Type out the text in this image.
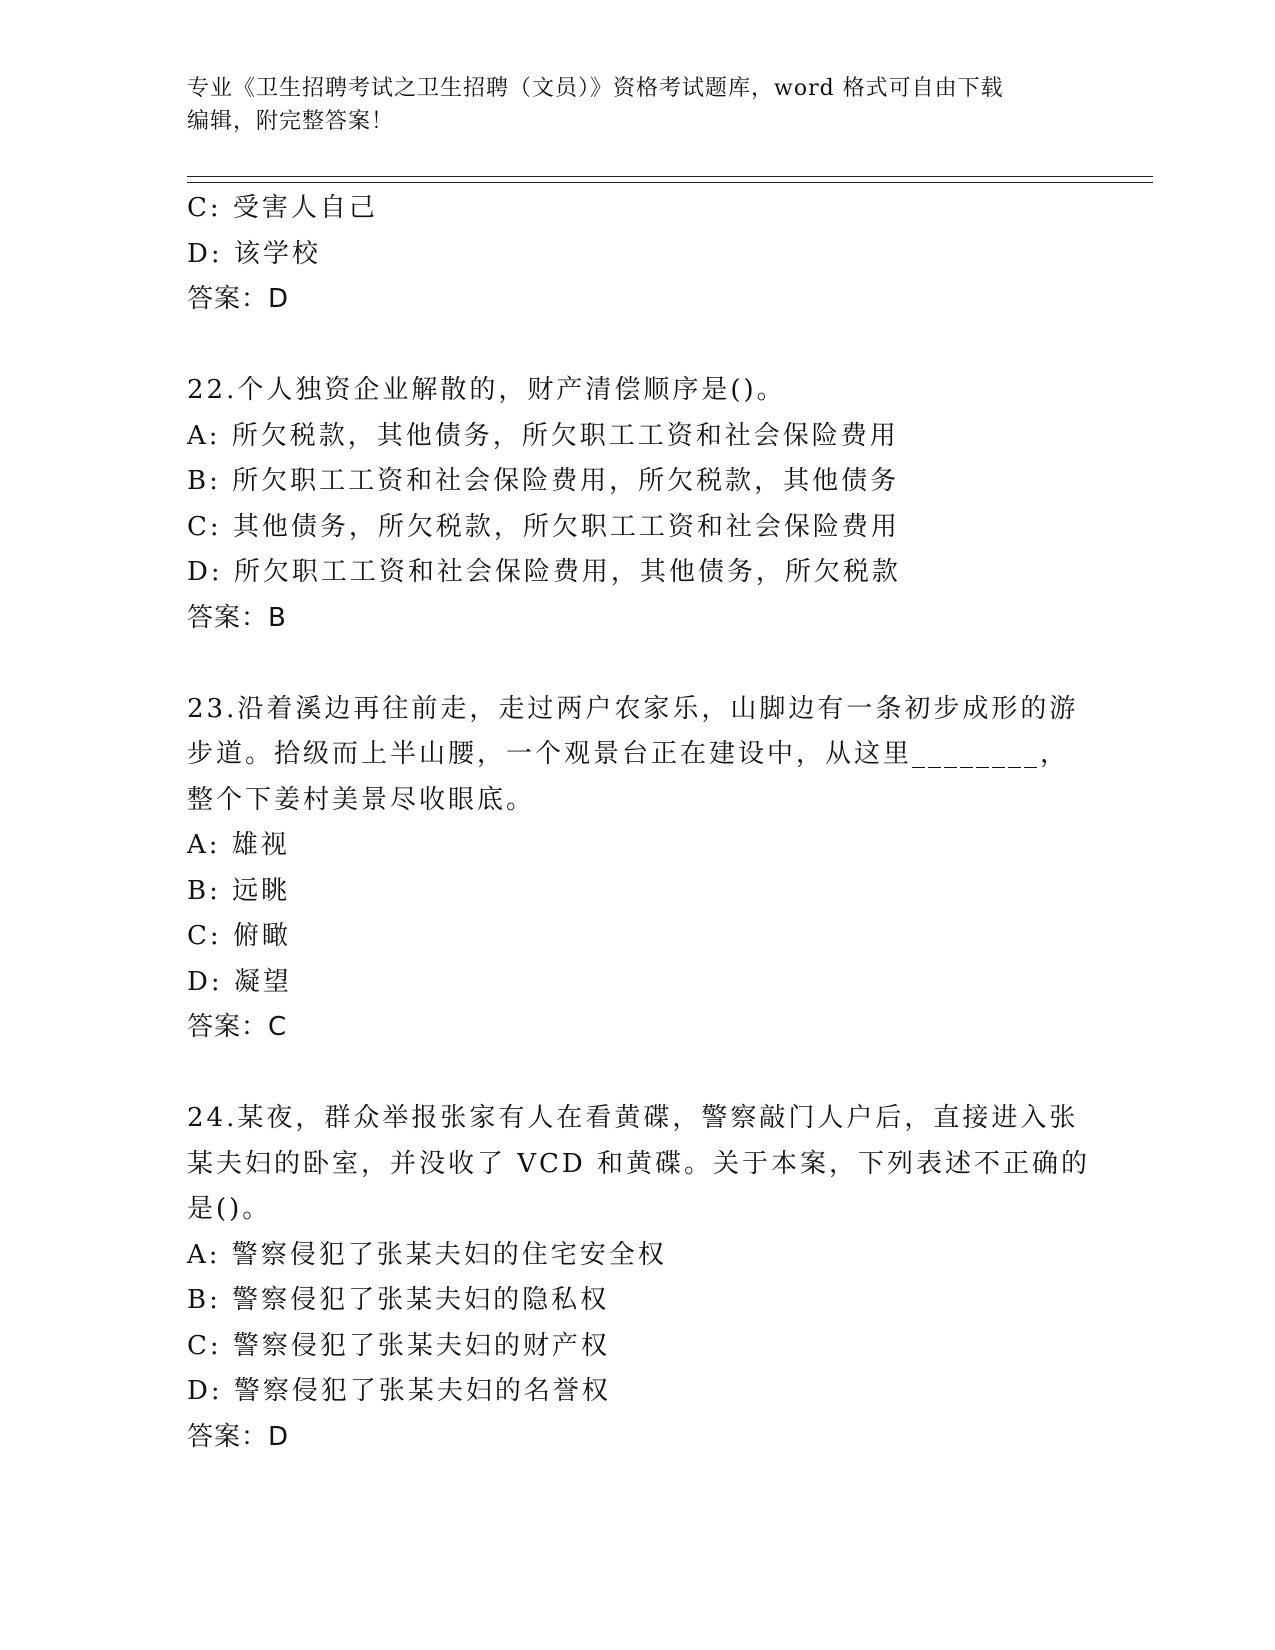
专业《卫生招聘考试之卫生招聘（文员）》资格考试题库，word 格式可自由下载
编辑，附完整答案！
C: 受害人自己
D: 该学校
答案：D
22.个人独资企业解散的，财产清偿顺序是()。
A: 所欠税款，其他债务，所欠职工工资和社会保险费用
B: 所欠职工工资和社会保险费用，所欠税款，其他债务
C: 其他债务，所欠税款，所欠职工工资和社会保险费用
D: 所欠职工工资和社会保险费用，其他债务，所欠税款
答案：B
23.沿着溪边再往前走，走过两户农家乐，山脚边有一条初步成形的游
步道。拾级而上半山腰，一个观景台正在建设中，从这里________，
整个下姜村美景尽收眼底。
A: 雄视
B: 远眺
C: 俯瞰
D: 凝望
答案：C
24.某夜，群众举报张家有人在看黄碟，警察敲门人户后，直接进入张
某夫妇的卧室，并没收了 VCD 和黄碟。关于本案，下列表述不正确的
是()。
A: 警察侵犯了张某夫妇的住宅安全权
B: 警察侵犯了张某夫妇的隐私权
C: 警察侵犯了张某夫妇的财产权
D: 警察侵犯了张某夫妇的名誉权
答案：D
